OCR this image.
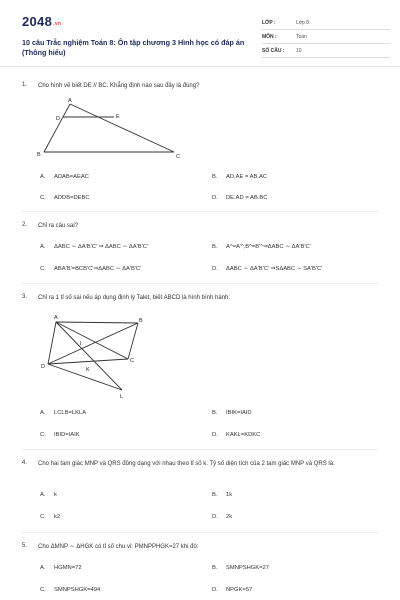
2048.vn
10 câu Trắc nghiệm Toán 8: Ôn tập chương 3 Hình học có đáp án (Thông hiểu)
LỚP :	Lớp 8
MÔN :	Toán
SỐ CÂU : 10
1. Cho hình vẽ biết DE // BC. Khẳng định nào sau đây là đúng?
A
D	E
B	C
A. ADAB=AEAC	B. AD.AE = AB.AC
C. ADDB=DEBC	D. DE.AD = AB.BC
2. Chỉ ra câu sai?
A. ΔABC ∼ ΔA'B'C' ⇒ ΔABC ∼ ΔA'B'C'	B. A^=A'^,B^=B'^⇒ΔABC ∼ ΔA'B'C'
C. ABA'B'=BCB'C'⇒ΔABC ∼ ΔA'B'C'	D. ΔABC ∼ ΔA'B'C' ⇒SΔABC ∼ SA'B'C'
3. Chỉ ra 1 tỉ số sai nếu áp dụng định lý Talet, biết ABCD là hình bình hành:
A	B
I
C
D	K
L
A. LCLB=LKLA	B. IBIK=IAID
C. IBID=IAIK	D. KAKL=KDKC
4. Cho hai tam giác MNP và QRS đồng dạng với nhau theo tỉ số k. Tỷ số diện tích của 2 tam giác MNP và QRS là:
A. k	B. 1k
C. k2	D. 2k
5. Cho ΔMNP ∼ ΔHGK có tỉ số chu vi: PMNPPHGK=27 khi đó:
A. HGMN=72	B. SMNPSHGK=27
C. SMNPSHGK=494	D. NPGK=57
